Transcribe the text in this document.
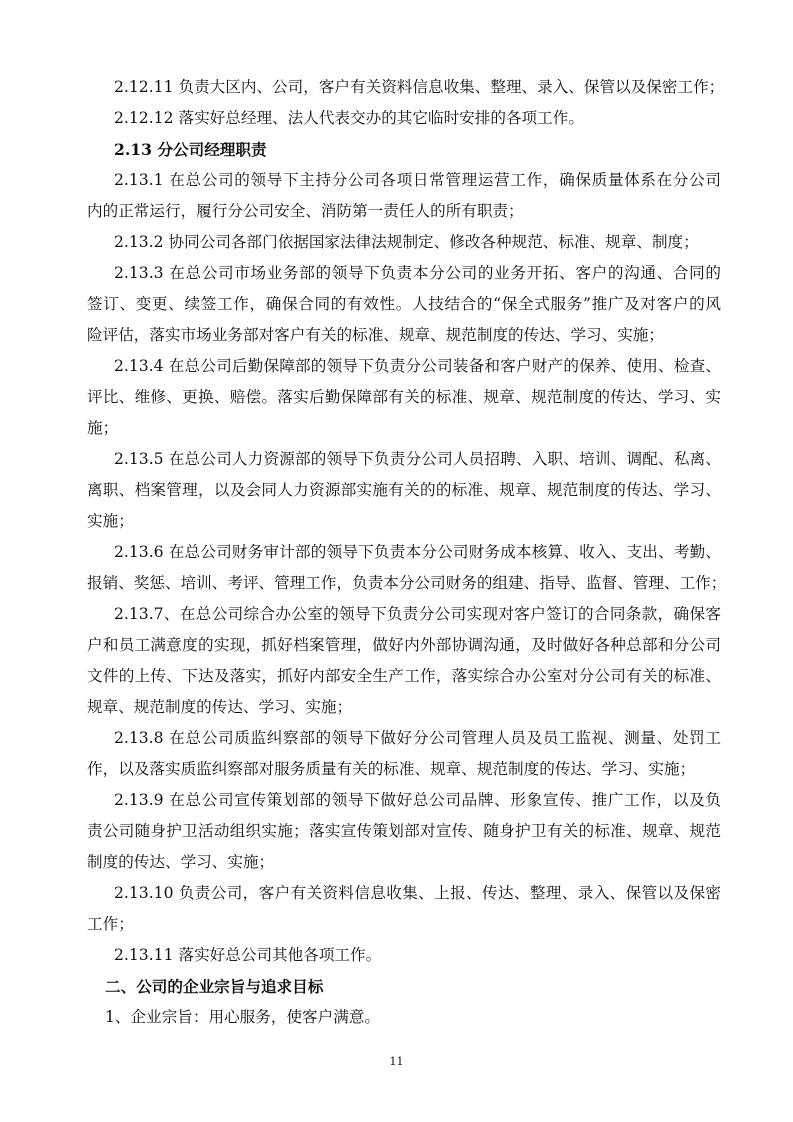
2.12.11 负责大区内、公司，客户有关资料信息收集、整理、录入、保管以及保密工作；
2.12.12 落实好总经理、法人代表交办的其它临时安排的各项工作。
2.13 分公司经理职责
2.13.1 在总公司的领导下主持分公司各项日常管理运营工作，确保质量体系在分公司
内的正常运行，履行分公司安全、消防第一责任人的所有职责；
2.13.2 协同公司各部门依据国家法律法规制定、修改各种规范、标准、规章、制度；
2.13.3 在总公司市场业务部的领导下负责本分公司的业务开拓、客户的沟通、合同的
签订、变更、续签工作，确保合同的有效性。人技结合的“保全式服务”推广及对客户的风
险评估，落实市场业务部对客户有关的标准、规章、规范制度的传达、学习、实施；
2.13.4 在总公司后勤保障部的领导下负责分公司装备和客户财产的保养、使用、检查、
评比、维修、更换、赔偿。落实后勤保障部有关的标准、规章、规范制度的传达、学习、实
施；
2.13.5 在总公司人力资源部的领导下负责分公司人员招聘、入职、培训、调配、私离、
离职、档案管理，以及会同人力资源部实施有关的的标准、规章、规范制度的传达、学习、
实施；
2.13.6 在总公司财务审计部的领导下负责本分公司财务成本核算、收入、支出、考勤、
报销、奖惩、培训、考评、管理工作，负责本分公司财务的组建、指导、监督、管理、工作；
2.13.7、在总公司综合办公室的领导下负责分公司实现对客户签订的合同条款，确保客
户和员工满意度的实现，抓好档案管理，做好内外部协调沟通，及时做好各种总部和分公司
文件的上传、下达及落实，抓好内部安全生产工作，落实综合办公室对分公司有关的标准、
规章、规范制度的传达、学习、实施；
2.13.8 在总公司质监纠察部的领导下做好分公司管理人员及员工监视、测量、处罚工
作，以及落实质监纠察部对服务质量有关的标准、规章、规范制度的传达、学习、实施；
2.13.9 在总公司宣传策划部的领导下做好总公司品牌、形象宣传、推广工作，以及负
责公司随身护卫活动组织实施；落实宣传策划部对宣传、随身护卫有关的标准、规章、规范
制度的传达、学习、实施；
2.13.10 负责公司，客户有关资料信息收集、上报、传达、整理、录入、保管以及保密
工作；
2.13.11 落实好总公司其他各项工作。
二、公司的企业宗旨与追求目标
1、企业宗旨：用心服务，使客户满意。
11
